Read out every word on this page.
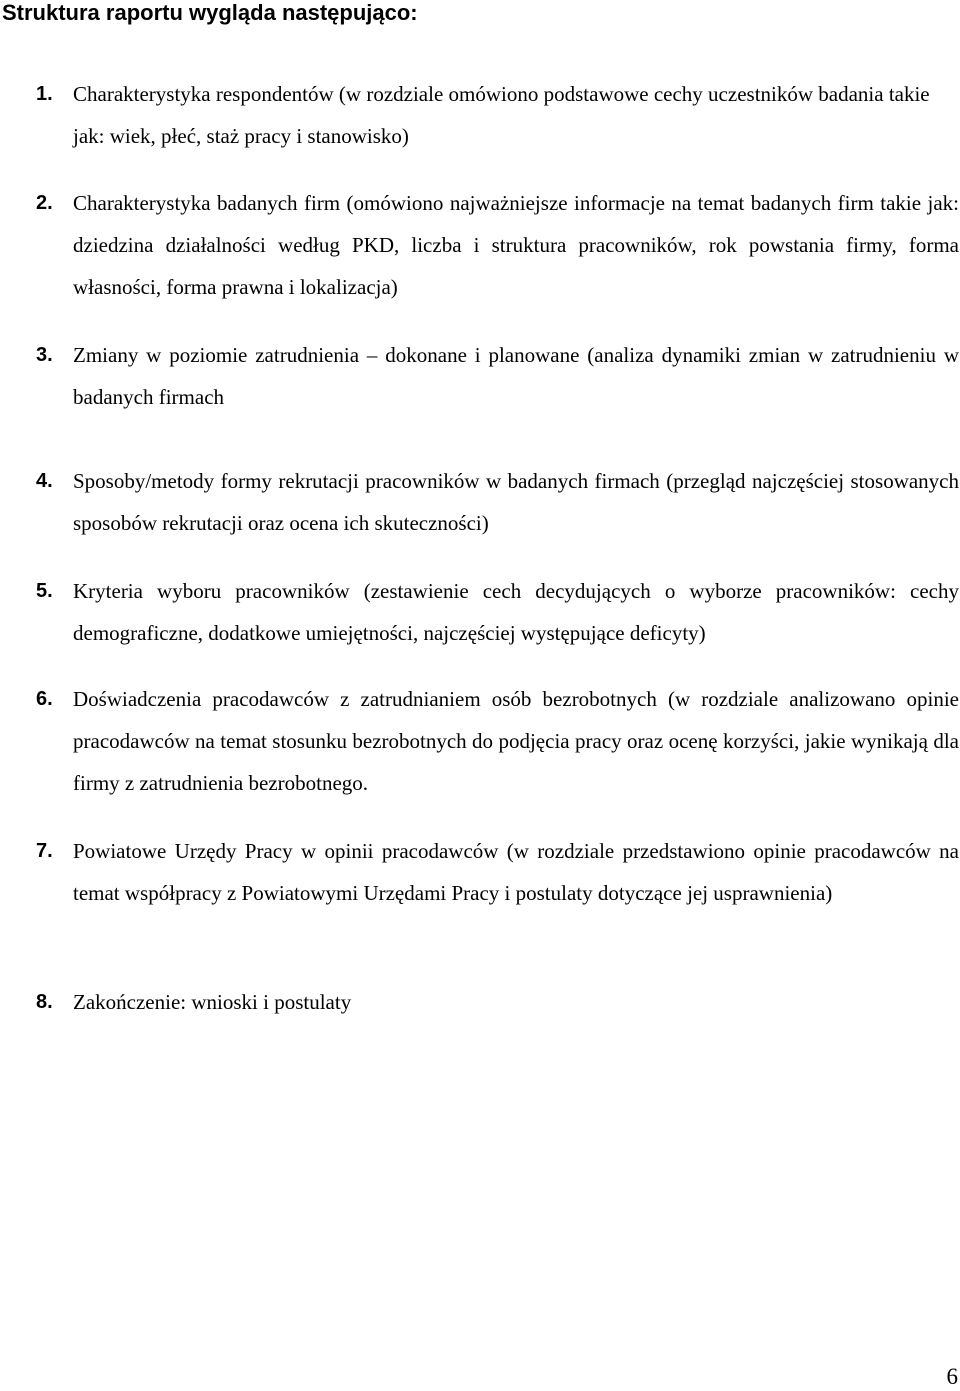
Struktura raportu wygląda następująco:
1. Charakterystyka respondentów (w rozdziale omówiono podstawowe cechy uczestników badania takie jak: wiek, płeć, staż pracy i stanowisko)
2. Charakterystyka badanych firm (omówiono najważniejsze informacje na temat badanych firm takie jak: dziedzina działalności według PKD, liczba i struktura pracowników, rok powstania firmy, forma własności, forma prawna i lokalizacja)
3. Zmiany w poziomie zatrudnienia – dokonane i planowane (analiza dynamiki zmian w zatrudnieniu w badanych firmach
4. Sposoby/metody formy rekrutacji pracowników w badanych firmach (przegląd najczęściej stosowanych sposobów rekrutacji oraz ocena ich skuteczności)
5. Kryteria wyboru pracowników (zestawienie cech decydujących o wyborze pracowników: cechy demograficzne, dodatkowe umiejętności, najczęściej występujące deficyty)
6. Doświadczenia pracodawców z zatrudnianiem osób bezrobotnych (w rozdziale analizowano opinie pracodawców na temat stosunku bezrobotnych do podjęcia pracy oraz ocenę korzyści, jakie wynikają dla firmy z zatrudnienia bezrobotnego.
7. Powiatowe Urzędy Pracy w opinii pracodawców (w rozdziale przedstawiono opinie pracodawców na temat współpracy z Powiatowymi Urzędami Pracy i postulaty dotyczące jej usprawnienia)
8. Zakończenie: wnioski i postulaty
6
